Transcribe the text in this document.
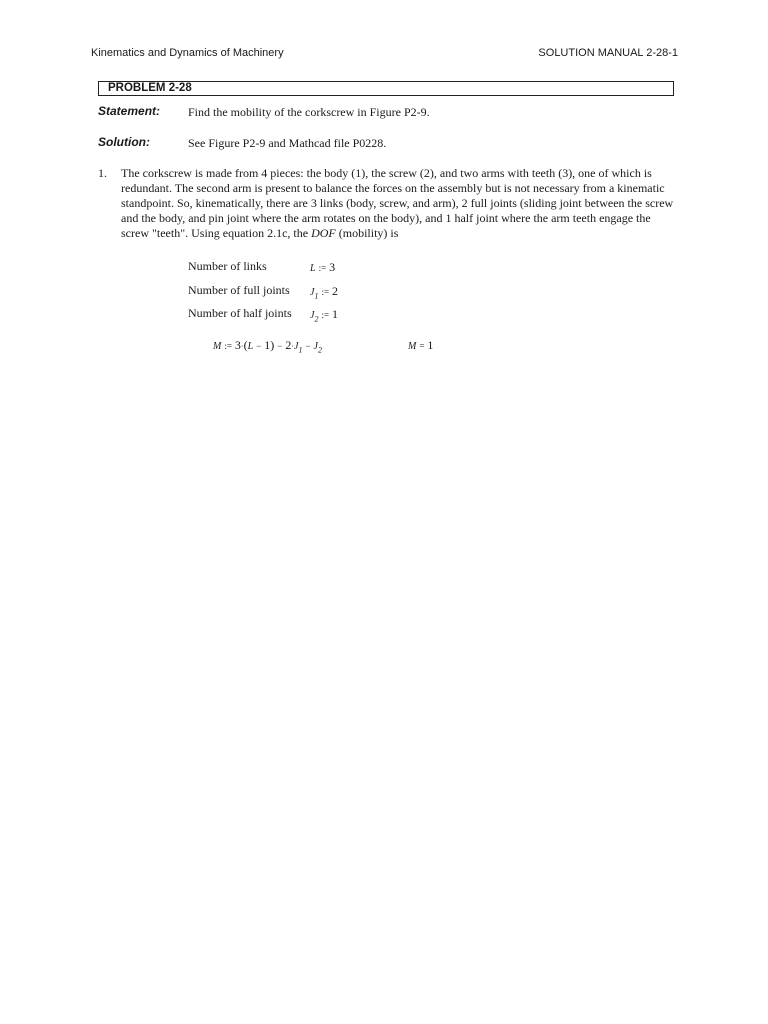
Kinematics and Dynamics of Machinery	SOLUTION MANUAL 2-28-1
PROBLEM 2-28
Statement: Find the mobility of the corkscrew in Figure P2-9.
Solution:	See Figure P2-9 and Mathcad file P0228.
1. The corkscrew is made from 4 pieces: the body (1), the screw (2), and two arms with teeth (3), one of which is redundant. The second arm is present to balance the forces on the assembly but is not necessary from a kinematic standpoint. So, kinematically, there are 3 links (body, screw, and arm), 2 full joints (sliding joint between the screw and the body, and pin joint where the arm rotates on the body), and 1 half joint where the arm teeth engage the screw "teeth". Using equation 2.1c, the DOF (mobility) is

Number of links	L := 3
Number of full joints $J_1$ := 2
Number of half joints $J_2$ := 1
M := $3\cdot(L - 1) - 2\cdot J_1 - J_2$	M = 1
